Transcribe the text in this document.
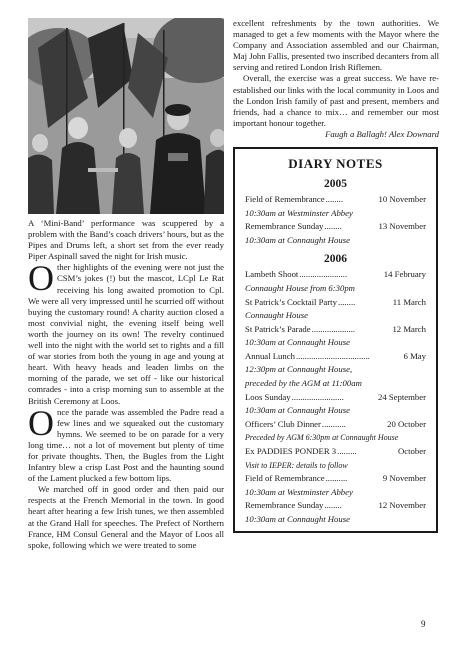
A ‘Mini-Band’ performance was scuppered by a problem with the Band’s coach drivers’ hours, but as the Pipes and Drums left, a short set from the ever ready Piper Aspinall saved the night for Irish music.

O ther highlights of the evening were not just the CSM’s jokes (!) but the mascot, LCpl Le Rat receiving his long awaited promotion to Cpl. We were all very impressed until he scurried off without buying the customary round! A charity auction closed a most convivial night, the evening itself being well worth the journey on its own! The revelry continued well into the night with the world set to rights and a fill of war stories from both the young in age and young at heart. With heavy heads and leaden limbs on the morning of the parade, we set off - like our historical comrades - into a crisp morning sun to assemble at the British Ceremony at Loos.

O nce the parade was assembled the Padre read a few lines and we squeaked out the customary hymns. We seemed to be on parade for a very long time… not a lot of movement but plenty of time for private thoughts. Then, the Bugles from the Light Infantry blew a crisp Last Post and the haunting sound of the Lament plucked a few bottom lips.

We marched off in good order and then paid our respects at the French Memorial in the town. In good heart after hearing a few Irish tunes, we then assembled at the Grand Hall for speeches. The Prefect of Northern France, HM Consul General and the Mayor of Loos all spoke, following which we were treated to some

excellent refreshments by the town authorities. We managed to get a few moments with the Mayor where the Company and Association assembled and our Chairman, Maj John Fallis, presented two inscribed decanters from all serving and retired London Irish Riflemen.

Overall, the exercise was a great success. We have re-established our links with the local community in Loos and the London Irish family of past and present, members and friends, had a chance to mix… and remember our most important honour together.

Faugh a Ballagh! Alex Downard

DIARY NOTES
2005
Field of Remembrance ........	10 November
10:30am at Westminster Abbey
Remembrance Sunday ........	13 November
10:30am at Connaught House
2006
Lambeth Shoot ......................	14 February
Connaught House from 6:30pm
St Patrick’s Cocktail Party ........	11 March
Connaught House
St Patrick’s Parade ....................	12 March
10:30am at Connaught House
Annual Lunch ..................................	6 May
12:30pm at Connaught House,
preceded by the AGM at 11:00am
Loos Sunday ........................	24 September
10:30am at Connaught House
Officers’ Club Dinner ...........	20 October
Preceded by AGM 6:30pm at Connaught House
Ex PADDIES PONDER 3 .........	October
Visit to IEPER: details to follow
Field of Remembrance ..........	9 November
10:30am at Westminster Abbey
Remembrance Sunday ........	12 November
10:30am at Connaught House
9
